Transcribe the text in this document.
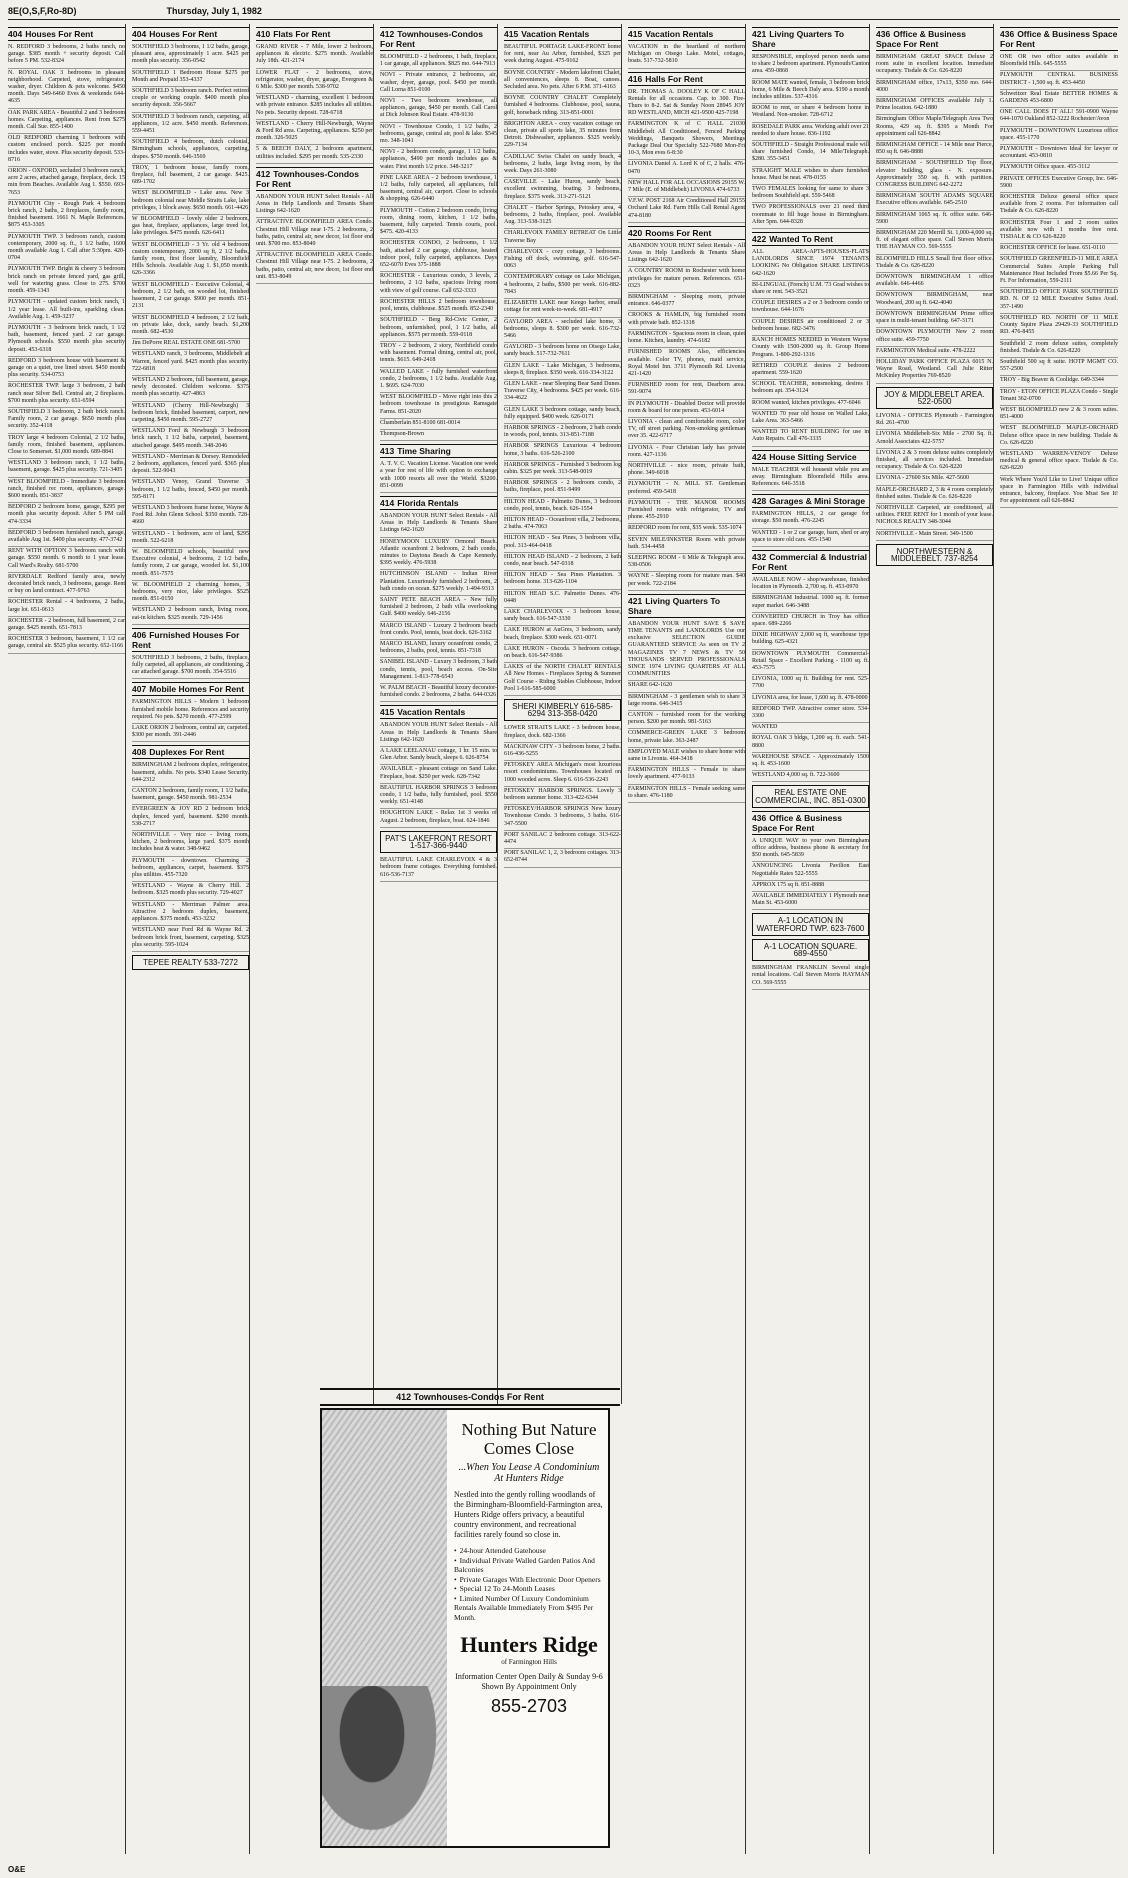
8E(O,S,F,Ro-8D)	Thursday, July 1, 1982
404 Houses For Rent
N. REDFORD 3 bedrooms, 2 baths ranch, no garage. $385 month + security deposit. Call before 5 PM. 532-8324
N. ROYAL OAK 3 bedrooms in pleasant neighborhood. Carpeted, stove, refrigerator, washer, dryer. Children & pets welcome. $450 month. Days 549-6460 Eves & weekends 644-4635
OAK PARK AREA - Beautiful 2 and 3 bedroom homes. Carpeting, appliances. Rent from $275 month. Call Sue. 855-1400
OLD REDFORD charming 1 bedroom with custom enclosed porch. $225 per month includes water, stove. Plus security deposit. 533-8716
ORION - OXFORD, secluded 3 bedroom ranch, acre 2 acres, attached garage, fireplace, deck. 15 min from Beaches. Available Aug 1. $550. 693-7653
PLYMOUTH City - Rough Park 4 bedroom brick ranch, 2 baths, 2 fireplaces, family room, finished basement. 1661 N. Maple References. $875 453-3305
PLYMOUTH TWP. 3 bedroom ranch, custom contemporary, 2000 sq. ft., 1 1/2 baths, 1600 month available Aug 1. Call after 5:30pm. 420-0704
PLYMOUTH TWP. Bright & cheery 3 bedroom brick ranch on private fenced yard, gas grill, well for watering grass. Close to 275. $700 month. 459-1343
PLYMOUTH - updated custom brick ranch, 1 1/2 year lease. All built-ins, sparkling clean. Available Aug. 1. 459-3237
PLYMOUTH - 3 bedroom brick ranch, 1 1/2 bath, basement, fenced yard. 2 car garage. Plymouth schools. $550 month plus security deposit. 453-6318
REDFORD 3 bedroom house with basement & garage on a quiet, tree lined street. $450 month plus security. 534-0753
ROCHESTER TWP. large 3 bedroom, 2 bath ranch near Silver Bell. Central air, 2 fireplaces. $700 month plus security. 651-6594
SOUTHFIELD 3 bedroom, 2 bath brick ranch. Family room, 2 car garage. $650 month plus security. 352-4118
TROY large 4 bedroom Colonial, 2 1/2 baths, family room, finished basement, appliances. Close to Somerset. $1,000 month. 689-8841
WESTLAND 3 bedroom ranch, 1 1/2 baths, basement, garage. $425 plus security. 721-3405
WEST BLOOMFIELD - Immediate 3 bedroom ranch, finished rec room, appliances, garage. $600 month. 851-3837
BEDFORD 2 bedroom home, garage, $295 per month plus security deposit. After 5 PM call 474-3334
BEDFORD 3 bedroom furnished ranch, garage, available Aug 1st. $400 plus security. 477-3742
RENT WITH OPTION 3 bedroom ranch with garage. $550 month. 6 month to 1 year lease. Call Ward's Realty. 681-5700
RIVERDALE Redford family area, newly decorated brick ranch, 3 bedrooms, garage. Rent or buy on land contract. 477-9763
ROCHESTER Rental - 4 bedrooms, 2 baths, large lot. 651-0613
ROCHESTER - 2 bedroom, full basement, 2 car garage. $425 month. 651-7813
ROCHESTER 3 bedroom, basement, 1 1/2 car garage, central air. $525 plus security. 652-1166
404 Houses For Rent
SOUTHFIELD 3 bedrooms, 1 1/2 baths, garage, pleasant area, approximately 1 acre. $425 per month plus security. 356-0542
SOUTHFIELD 1 Bedroom House $275 per Month and Prepaid 353-4337
SOUTHFIELD 3 bedroom ranch. Perfect retired couple or working couple. $400 month plus security deposit. 356-5667
SOUTHFIELD 3 bedroom ranch, carpeting, all appliances, 1/2 acre. $450 month. References. 559-4451
SOUTHFIELD 4 bedroom, dutch colonial, Birmingham schools, appliances, carpeting, drapes. $750 month. 646-3569
TROY, 1 bedroom house, family room, fireplace, full basement, 2 car garage. $425. 689-1702
WEST BLOOMFIELD - Lake area. New 3 bedroom colonial near Middle Straits Lake, lake privileges, 1 block away. $650 month. 661-4426
W BLOOMFIELD - lovely older 2 bedroom, gas heat, fireplace, appliances, large treed lot, lake privileges. $475 month. 626-6411
WEST BLOOMFIELD - 3 Yr. old 4 bedroom custom contemporary, 2000 sq ft, 2 1/2 baths, family room, first floor laundry, Bloomfield Hills Schools. Available Aug 1. $1,050 month. 626-3366
WEST BLOOMFIELD - Executive Colonial, 4 bedroom, 2 1/2 bath, on wooded lot, finished basement, 2 car garage. $900 per month. 851-2131
WEST BLOOMFIELD 4 bedroom, 2 1/2 bath, on private lake, dock, sandy beach. $1,200 month. 682-4530
Jim DePorre REAL ESTATE ONE 681-5700
WESTLAND ranch, 3 bedrooms, Middlebelt at Warren, fenced yard. $425 month plus security. 722-6818
WESTLAND 2 bedroom, full basement, garage, newly decorated. Children welcome. $375 month plus security. 427-4863
WESTLAND (Cherry Hill-Newburgh) 3 bedroom brick, finished basement, carport, new carpeting. $450 month. 595-2727
WESTLAND Ford & Newburgh 3 bedroom brick ranch, 1 1/2 baths, carpeted, basement, attached garage. $495 month. 348-2046
WESTLAND - Merriman & Dorsey. Remodeled 2 bedroom, appliances, fenced yard. $365 plus deposit. 522-9043
WESTLAND Venoy, Grand Traverse 3 bedroom, 1 1/2 baths, fenced, $450 per month. 595-8171
WESTLAND 3 bedroom frame home, Wayne & Ford Rd. John Glenn School. $350 month. 728-4660
WESTLAND - 1 bedroom, acre of land, $295 month. 522-6218
W. BLOOMFIELD schools, beautiful new Executive colonial, 4 bedrooms, 2 1/2 baths, family room, 2 car garage, wooded lot. $1,100 month. 851-7575
W. BLOOMFIELD 2 charming homes, 3 bedrooms, very nice, lake privileges. $525 month. 851-0150
WESTLAND 2 bedroom ranch, living room, eat-in kitchen. $325 month. 729-1456
406 Furnished Houses For Rent
SOUTHFIELD 3 bedrooms, 2 baths, fireplace, fully carpeted, all appliances, air conditioning, 2 car attached garage. $700 month. 354-5516
407 Mobile Homes For Rent
FARMINGTON HILLS - Modern 1 bedroom furnished mobile home. References and security required. No pets. $270 month. 477-2599
LAKE ORION 2 bedroom, central air, carpeted. $300 per month. 391-2446
408 Duplexes For Rent
BIRMINGHAM 2 bedroom duplex, refrigerator, basement, adults. No pets. $340 Lease Security. 644-2312
CANTON 2 bedroom, family room, 1 1/2 baths, basement, garage. $450 month. 981-2534
EVERGREEN & JOY RD 2 bedroom brick duplex, fenced yard, basement. $290 month. 538-2717
NORTHVILLE - Very nice - living room, kitchen, 2 bedrooms, large yard. $375 month includes heat & water. 348-9462
PLYMOUTH - downtown. Charming 2 bedroom, appliances, carpet, basement. $375 plus utilities. 455-7320
WESTLAND - Wayne & Cherry Hill. 2 bedroom. $325 month plus security. 729-4027
WESTLAND - Merriman Palmer area. Attractive 2 bedroom duplex, basement, appliances. $375 month. 453-3232
WESTLAND near Ford Rd & Wayne Rd. 2 bedroom brick front, basement, carpeting. $325 plus security. 595-1024
TEPEE REALTY 533-7272
410 Flats For Rent
GRAND RIVER - 7 Mile, lower 2 bedroom, appliances & electric. $275 month. Available July 18th. 421-2174
LOWER FLAT - 2 bedrooms, stove, refrigerator, washer, dryer, garage, Evergreen & 6 Mile. $300 per month. 538-9702
WESTLAND - charming, excellent 1 bedroom with private entrance. $285 includes all utilities. No pets. Security deposit. 728-6718
WESTLAND - Cherry Hill-Newburgh, Wayne & Ford Rd area. Carpeting, appliances. $250 per month. 326-5025
5 & BEECH DALY, 2 bedroom apartment, utilities included. $295 per month. 535-2330
412 Townhouses-Condos For Rent
ABANDON YOUR HUNT Select Rentals - All Areas in Help Landlords and Tenants Share Listings 642-1620
ATTRACTIVE BLOOMFIELD AREA Condo. Chestnut Hill Village near I-75. 2 bedrooms, 2 baths, patio, central air, new decor, 1st floor end unit. $700 mo. 853-8049
ATTRACTIVE BLOOMFIELD AREA Condo. Chestnut Hill Village near I-75. 2 bedrooms, 2 baths, patio, central air, new decor, 1st floor end unit. 853-8049
412 Townhouses-Condos For Rent
BLOOMFIELD - 2 bedrooms, 1 bath, fireplace, 1 car garage, all appliances. $825 mo. 644-7913
NOVI - Private entrance, 2 bedrooms, air, washer, dryer, garage, pool. $450 per month. Call Lorna 851-0100
NOVI - Two bedroom townhouse, all appliances, garage, $450 per month. Call Carol at Dick Johnson Real Estate. 478-9130
NOVI - Townhouse Condo, 1 1/2 baths, 2 bedrooms, garage, central air, pool & lake. $545 mo. 348-1041
NOVI - 2 bedroom condo, garage, 1 1/2 baths, appliances, $490 per month includes gas & water. First month 1/2 price. 348-3217
PINE LAKE AREA - 2 bedroom townhouse, 1 1/2 baths, fully carpeted, all appliances, full basement, central air, carport. Close to schools & shopping. 626-6440
PLYMOUTH - Cotton 2 bedroom condo, living room, dining room, kitchen, 1 1/2 baths, basement, fully carpeted. Tennis courts, pool. $475. 420-4133
ROCHESTER CONDO, 2 bedrooms, 1 1/2 bath, attached 2 car garage, clubhouse, heated indoor pool, fully carpeted, appliances. Days 652-6070 Eves 375-1888
ROCHESTER - Luxurious condo, 3 levels, 2 bedrooms, 2 1/2 baths, spacious living room with view of golf course. Call 652-3333
ROCHESTER HILLS 2 bedroom townhouse, pool, tennis, clubhouse. $525 month. 852-2340
SOUTHFIELD - Berg Rd-Civic Center, 2 bedroom, unfurnished, pool, 1 1/2 baths, all appliances. $575 per month. 559-0118
TROY - 2 bedroom, 2 story, Northfield condo with basement. Formal dining, central air, pool, tennis. $615. 649-2418
WALLED LAKE - fully furnished waterfront condo, 2 bedrooms, 1 1/2 baths. Available Aug. 1. $695. 624-7030
WEST BLOOMFIELD - Move right into this 2 bedroom townhouse in prestigious Ramsgate Farms. 851-2020
Chamberlain 851-8100 681-0014
Thompson-Brown
413 Time Sharing
A. T. V. C. Vacation License. Vacation one week a year for rest of life with option to exchange with 1000 resorts all over the World. $3200. 851-0099
414 Florida Rentals
ABANDON YOUR HUNT Select Rentals - All Areas in Help Landlords & Tenants Share Listings 642-1620
HONEYMOON LUXURY Ormond Beach. Atlantic oceanfront 2 bedroom, 2 bath condo, minutes to Daytona Beach & Cape Kennedy. $395 weekly. 476-5938
HUTCHINSON ISLAND - Indian River Plantation. Luxuriously furnished 2 bedroom, 2 bath condo on ocean. $275 weekly. 1-494-9313
SAINT PETE BEACH AREA - New fully furnished 2 bedroom, 2 bath villa overlooking Gulf. $400 weekly. 646-2156
MARCO ISLAND - Luxury 2 bedroom beach front condo. Pool, tennis, boat dock. 626-3162
MARCO ISLAND, luxury oceanfront condo, 2 bedrooms, 2 baths, pool, tennis. 851-7318
SANIBEL ISLAND - Luxury 3 bedroom, 3 bath condo, tennis, pool, beach access. On-Site Management. 1-813-778-6543
W. PALM BEACH - Beautiful luxury decorator-furnished condo. 2 bedrooms, 2 baths. 644-0326
415 Vacation Rentals
ABANDON YOUR HUNT Select Rentals - All Areas in Help Landlords & Tenants Share Listings 642-1620
A LAKE LEELANAU cottage, 1 hr. 15 min. to Glen Arbor. Sandy beach, sleeps 6. 626-8754
AVAILABLE - pleasant cottage on Sand Lake. Fireplace, boat. $250 per week. 628-7342
BEAUTIFUL HARBOR SPRINGS 3 bedroom condo, 1 1/2 baths, fully furnished, pool. $550 weekly. 651-4148
HOUGHTON LAKE - Relax 1st 3 weeks of August. 2 bedroom, fireplace, boat. 624-1846
PAT'S LAKEFRONT RESORT 1-517-366-9440
BEAUTIFUL LAKE CHARLEVOIX 4 & 3 bedroom frame cottages. Everything furnished. 616-536-7137
415 Vacation Rentals
BEAUTIFUL PORTAGE LAKE-FRONT home for rent, near Au Arbor, furnished, $325 per week during August. 475-9162
BOYNE COUNTRY - Modern lakefront Chalet, all conveniences, sleeps 8. Boat, canoes. Secluded area. No pets. After 6 P.M. 371-4163
BOYNE COUNTRY CHALET Completely furnished 4 bedrooms. Clubhouse, pool, sauna, golf, horseback riding. 313-851-0001
BRIGHTON AREA - cozy vacation cottage on clean, private all sports lake, 35 minutes from Detroit. Dishwasher, appliances. $325 weekly. 229-7134
CADILLAC Swiss Chalet on sandy beach, 4 bedrooms, 2 baths, large living room, by the week. Days 261-3080
CASEVILLE - Lake Huron, sandy beach, excellent swimming, boating. 3 bedrooms, fireplace. $375 week. 313-271-5121
CHALET - Harbor Springs, Petoskey area, 4 bedrooms, 2 baths, fireplace, pool. Available Aug. 313-538-3125
CHARLEVOIX FAMILY RETREAT On Little Traverse Bay
CHARLEVOIX - cozy cottage, 3 bedrooms. Fishing off dock, swimming, golf. 616-547-0063
CONTEMPORARY cottage on Lake Michigan, 4 bedrooms, 2 baths, $500 per week. 616-882-7843
ELIZABETH LAKE near Keego harbor, small cottage for rent week-to-week. 681-4917
GAYLORD AREA - secluded lake home, 3 bedrooms, sleeps 8. $300 per week. 616-732-5466
GAYLORD - 3 bedroom home on Otsego Lake, sandy beach. 517-732-7611
GLEN LAKE - Lake Michigan, 3 bedrooms, sleeps 8, fireplace. $350 week. 616-334-3122
GLEN LAKE - near Sleeping Bear Sand Dunes. Traverse City, 4 bedrooms. $425 per week. 616-334-4622
GLEN LAKE 3 bedroom cottage, sandy beach, fully equipped. $400 week. 626-0171
HARBOR SPRINGS - 2 bedroom, 2 bath condo in woods, pool, tennis. 313-851-7188
HARBOR SPRINGS Luxurious 4 bedroom home, 3 baths. 616-526-2100
HARBOR SPRINGS - Furnished 3 bedroom log cabin. $325 per week. 313-548-0019
HARBOR SPRINGS - 2 bedroom condo, 2 baths, fireplace, pool. 851-9499
HILTON HEAD - Palmetto Dunes, 3 bedroom condo, pool, tennis, beach. 626-1554
HILTON HEAD - Oceanfront villa, 2 bedrooms, 2 baths. 474-7063
HILTON HEAD - Sea Pines, 3 bedroom villa, pool. 313-464-0418
HILTON HEAD ISLAND - 2 bedroom, 2 bath condo, near beach. 547-0318
HILTON HEAD - Sea Pines Plantation. 3 bedroom home. 313-626-1104
HILTON HEAD S.C. Palmetto Dunes. 476-0448
LAKE CHARLEVOIX - 3 bedroom house, sandy beach. 616-547-3330
LAKE HURON at AuGres, 3 bedroom, sandy beach, fireplace. $300 week. 651-0071
LAKE HURON - Oscoda. 3 bedroom cottage, on beach. 616-547-9386
LAKES of the NORTH CHALET RENTALS All New Homes - Fireplaces Spring & Summer Golf Course - Riding Stables Clubhouse, Indoor Pool 1-616-585-6000
SHERI KIMBERLY 616-585-6294 313-358-0420
LOWER STRAITS LAKE - 3 bedroom house, fireplace, dock. 682-1366
MACKINAW CITY - 3 bedroom home, 2 baths. 616-436-5255
PETOSKEY AREA Michigan's most luxurious resort condominiums. Townhouses located on 1000 wooded acres. Sleep 6. 616-536-2243
PETOSKEY HARBOR SPRINGS. Lovely 3 bedroom summer home. 313-422-6344
PETOSKEY/HARBOR SPRINGS New luxury Townhouse Condo. 3 bedrooms, 3 baths. 616-347-5500
PORT SANILAC 2 bedroom cottage. 313-622-4474
PORT SANILAC 1, 2, 3 bedroom cottages. 313-652-8744
415 Vacation Rentals
VACATION in the heartland of northern Michigan on Otsego Lake. Motel, cottages, boats. 517-732-5810
416 Halls For Rent
DR. THOMAS A. DOOLEY K OF C HALL Rentals for all occasions. Cap. to 300. Fire-Thurs to 8-2. Sat & Sunday Noon 28945 JOY RD WESTLAND, MICH 421-9500 425-7198
FARMINGTON K of C HALL 21030 Middlebelt All Conditioned, Fenced Parking Weddings, Banquets Showers, Meetings Package Deal Our Specialty 522-7680 Mon-Fri 10-3, Mon eves 6-8:30
LIVONIA Daniel A. Lord K of C, 2 halls. 476-0470
NEW HALL FOR ALL OCCASIONS 29155 W. 7 Mile (E. of Middlebelt) LIVONIA 474-6733
V.F.W. POST 2168 Air Conditioned Hall 29155 Orchard Lake Rd. Farm Hills Call Rental Agent 474-8180
420 Rooms For Rent
ABANDON YOUR HUNT Select Rentals - All Areas in Help Landlords & Tenants Share Listings 642-1620
A COUNTRY ROOM in Rochester with home privileges for mature person. References. 651-0323
BIRMINGHAM - Sleeping room, private entrance. 646-0377
CROOKS & HAMLIN, big furnished room with private bath. 852-1318
FARMINGTON - Spacious room in clean, quiet home. Kitchen, laundry. 474-6182
FURNISHED ROOMS Also, efficiencies available. Color TV, phones, maid service, Royal Motel Inn. 3711 Plymouth Rd. Livonia 421-1420
FURNISHED room for rent, Dearborn area. 591-9074
IN PLYMOUTH - Disabled Doctor will provide room & board for one person. 453-6014
LIVONIA - clean and comfortable room, color TV, off street parking. Non-smoking gentleman over 35. 422-6717
LIVONIA - Four Christian lady has private room. 427-1136
NORTHVILLE - nice room, private bath, phone. 349-6018
PLYMOUTH - N. MILL ST. Gentleman preferred. 459-5418
PLYMOUTH - THE MANOR ROOMS Furnished rooms with refrigerator, TV and phone. 455-2910
REDFORD room for rent, $35 week. 535-1074
SEVEN MILE/INKSTER Room with private bath. 534-4458
SLEEPING ROOM - 6 Mile & Telegraph area. 538-0506
WAYNE - Sleeping room for mature man. $40 per week. 722-2184
421 Living Quarters To Share
ABANDON YOUR HUNT SAVE $ SAVE TIME TENANTS and LANDLORDS Use our exclusive SELECTION GUIDE GUARANTEED SERVICE As seen on TV 2 MAGAZINES TV 7 NEWS & TV 50 THOUSANDS SERVED PROFESSIONALS SINCE 1974 LIVING QUARTERS AT ALL COMMUNITIES
SHARE 642-1620
BIRMINGHAM - 3 gentlemen wish to share 3 large rooms. 646-3415
CANTON - furnished room for the working person. $200 per month. 981-5163
COMMERCE-GREEN LAKE 3 bedroom home, private lake. 363-2487
EMPLOYED MALE wishes to share home with same in Livonia. 464-3418
FARMINGTON HILLS - Female to share lovely apartment. 477-9133
FARMINGTON HILLS - Female seeking same to share. 476-1180
421 Living Quarters To Share
RESPONSIBLE, employed person needs same to share 2 bedroom apartment. Plymouth/Canton area. 459-0868
ROOM MATE wanted, female, 3 bedroom brick home, 6 Mile & Beech Daly area. $190 a month includes utilities. 537-4316
ROOM to rent, or share 4 bedroom home in Westland. Non-smoker. 728-6712
ROSEDALE PARK area. Working adult over 21 needed to share house. 836-1192
SOUTHFIELD - Straight Professional male will share furnished Condo, 14 Mile/Telegraph. $280. 355-3451
STRAIGHT MALE wishes to share furnished house. Must be neat. 478-0155
TWO FEMALES looking for same to share 3 bedroom Southfield apt. 559-5468
TWO PROFESSIONALS over 21 need third roommate to fill huge house in Birmingham. After 5pm. 644-8328
422 Wanted To Rent
ALL AREA-APTS-HOUSES-FLATS LANDLORDS SINCE 1974 TENANTS LOOKING No Obligation SHARE LISTINGS 642-1620
BI-LINGUAL (French) U.M. '73 Grad wishes to share or rent. 543-3521
COUPLE DESIRES a 2 or 3 bedroom condo or townhouse. 644-1676
COUPLE DESIRES air conditioned 2 or 3 bedroom house. 682-3476
RANCH HOMES NEEDED in Western Wayne County with 1500-2000 sq. ft. Group Home Program. 1-800-292-1316
RETIRED COUPLE desires 2 bedroom apartment. 559-1620
SCHOOL TEACHER, nonsmoking, desires 1 bedroom apt. 354-3124
ROOM wanted, kitchen privileges. 477-6046
WANTED 70 year old house on Walled Lake, Lake Area. 363-5466
WANTED TO RENT BUILDING for use in Auto Repairs. Call 476-3335
424 House Sitting Service
MALE TEACHER will housesit while you are away. Birmingham Bloomfield Hills area. References. 646-3518
428 Garages & Mini Storage
FARMINGTON HILLS, 2 car garage for storage. $50 month. 476-2245
WANTED - 1 or 2 car garage, barn, shed or any space to store old cars. 455-1540
432 Commercial & Industrial For Rent
AVAILABLE NOW - shop/warehouse, finished location in Plymouth. 2,700 sq. ft. 453-0970
BIRMINGHAM Industrial. 1000 sq. ft. former super market. 646-3488
CONVERTED CHURCH in Troy has office space. 689-2266
DIXIE HIGHWAY 2,000 sq ft, warehouse type building. 625-4321
DOWNTOWN PLYMOUTH Commercial-Retail Space - Excellent Parking - 1100 sq. ft. 453-7575
LIVONIA, 1000 sq ft. Building for rent. 525-7700
LIVONIA area, for lease, 1,600 sq. ft. 478-0000
REDFORD TWP. Attractive corner store. 534-3300
WANTED
ROYAL OAK 3 bldgs, 1,200 sq. ft. each. 541-8800
WAREHOUSE SPACE - Approximately 1500 sq. ft. 453-1600
WESTLAND 4,000 sq. ft. 722-3600
REAL ESTATE ONE COMMERCIAL, INC. 851-0300
436 Office & Business Space For Rent
A UNIQUE WAY to your own Birmingham office address, business phone & secretary for $50 month. 645-5839
ANNOUNCING Livonia Pavilion East Negotiable Rates 522-5555
APPROX 175 sq ft. 851-8888
AVAILABLE IMMEDIATELY 1 Plymouth near Main St. 453-6000
A-1 LOCATION IN WATERFORD TWP. 623-7600
A-1 LOCATION SQUARE. 689-4550
BIRMINGHAM FRANKLIN Several single rental locations. Call Steven Morris HAYMAN CO. 569-5555
436 Office & Business Space For Rent
BIRMINGHAM GREAT SPACE Deluxe 2 room suite in excellent location. Immediate occupancy. Tisdale & Co. 626-8220
BIRMINGHAM office, 17x13, $350 mo. 644-4000
BIRMINGHAM OFFICES available July 1. Prime location. 642-1880
Birmingham Office Maple/Telegraph Area Two Rooms, 429 sq. ft. $395 a Month For appointment call 626-8842
BIRMINGHAM OFFICE - 14 Mile near Pierce, 850 sq ft. 646-8888
BIRMINGHAM - SOUTHFIELD Top floor, elevator building, glass - N. exposure. Approximately 350 sq. ft. with partition. CONGRESS BUILDING 642-2272
BIRMINGHAM SOUTH ADAMS SQUARE Executive offices available. 645-2510
BIRMINGHAM 1065 sq. ft. office suite. 646-5900
BIRMINGHAM 220 Merrill St. 1,000-4,000 sq. ft. of elegant office space. Call Steven Morris THE HAYMAN CO. 569-5555
BLOOMFIELD HILLS Small first floor office. Tisdale & Co. 626-8220
DOWNTOWN BIRMINGHAM 1 office available. 646-4466
DOWNTOWN BIRMINGHAM, near Woodward, 200 sq ft. 642-4040
DOWNTOWN BIRMINGHAM Prime office space in multi-tenant building. 647-3171
DOWNTOWN PLYMOUTH New 2 room office suite. 459-7750
FARMINGTON Medical suite. 478-2222
HOLLIDAY PARK OFFICE PLAZA 6015 N. Wayne Road, Westland. Call Julie Ritter McKinley Properties 769-8520
JOY & MIDDLEBELT AREA. 522-0500
LIVONIA - OFFICES Plymouth - Farmington Rd. 261-4700
LIVONIA Middlebelt-Six Mile - 2700 Sq. ft. Arnold Associates 422-5757
LIVONIA 2 & 3 room deluxe suites completely finished, all services included. Immediate occupancy. Tisdale & Co. 626-8220
LIVONIA - 27600 Six Mile. 427-5600
MAPLE-ORCHARD 2, 3 & 4 room completely finished suites. Tisdale & Co. 626-8220
NORTHVILLE Carpeted, air conditioned, all utilities. FREE RENT for 1 month of your lease. NICHOLS REALTY 348-3044
NORTHVILLE - Main Street. 349-1500
NORTHWESTERN & MIDDLEBELT. 737-8254
436 Office & Business Space For Rent
ONE OR two office suites available in Bloomfield Hills. 645-5555
PLYMOUTH CENTRAL BUSINESS DISTRICT - 1,500 sq. ft. 453-4450
Schweitzer Real Estate BETTER HOMES & GARDENS 453-6800
ONE CALL DOES IT ALL! 591-0900 Wayne 644-1070 Oakland 852-3222 Rochester/Avon
PLYMOUTH - DOWNTOWN Luxurious office space. 455-1770
PLYMOUTH - Downtown Ideal for lawyer or accountant. 453-0810
PLYMOUTH Office space. 455-3112
PRIVATE OFFICES Executive Group, Inc. 646-5900
ROCHESTER Deluxe general office space available from 2 rooms. For information call Tisdale & Co. 626-8220
ROCHESTER Four 1 and 2 room suites available now with 1 months free rent. TISDALE & CO 626-8220
ROCHESTER OFFICE for lease. 651-0110
SOUTHFIELD GREENFIELD-11 MILE AREA Commercial Suites Ample Parking Full Maintenance Heat Included From $5.66 Per Sq. Ft. For Information, 559-2111
SOUTHFIELD OFFICE PARK SOUTHFIELD RD. N. OF 12 MILE Executive Suites Avail. 357-1490
SOUTHFIELD RD. NORTH OF 11 MILE County Squire Plaza 29429-33 SOUTHFIELD RD. 476-8455
Southfield 2 room deluxe suites, completely finished. Tisdale & Co. 626-8220
Southfield 500 sq ft suite. HOTP MGMT CO. 557-2500
TROY - Big Beaver & Coolidge. 649-3344
TROY - ETON OFFICE PLAZA Condo - Single Tenant 362-0700
WEST BLOOMFIELD new 2 & 3 room suites. 851-4000
WEST BLOOMFIELD MAPLE-ORCHARD Deluxe office space in new building. Tisdale & Co. 626-8220
WESTLAND WARREN-VENOY Deluxe medical & general office space. Tisdale & Co. 626-8220
Work Where You'd Like to Live! Unique office space in Farmington Hills with individual entrance, balcony, fireplace. You Must See It! For appointment call 626-8842
412 Townhouses-Condos For Rent
Nothing But Nature Comes Close
...When You Lease A Condominium At Hunters Ridge
Nestled into the gently rolling woodlands of the Birmingham-Bloomfield-Farmington area, Hunters Ridge offers privacy, a beautiful country environment, and recreational facilities rarely found so close in.
• 24-hour Attended Gatehouse
• Individual Private Walled Garden Patios And Balconies
• Private Garages With Electronic Door Openers
• Special 12 To 24-Month Leases
• Limited Number Of Luxury Condominium Rentals Available Immediately From $495 Per Month.
Hunters Ridge
of Farmington Hills
Information Center Open Daily & Sunday 9-6 Shown By Appointment Only
855-2703
O&E
